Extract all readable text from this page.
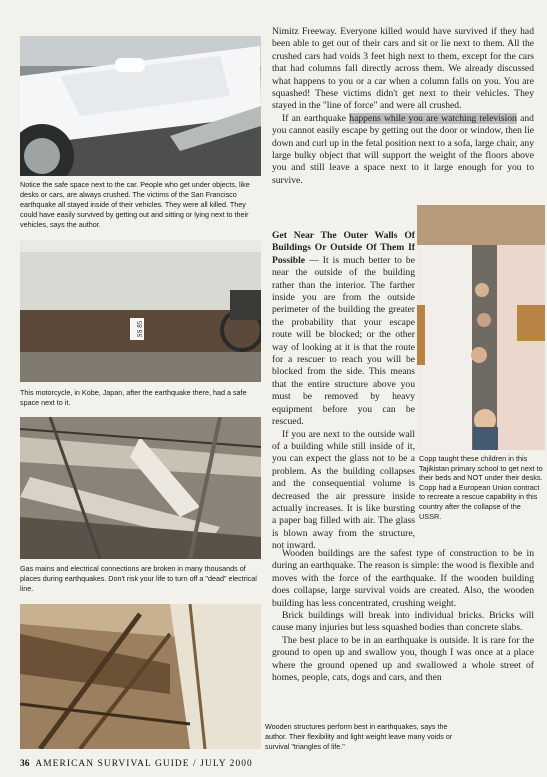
Notice the safe space next to the car. People who get under objects, like desks or cars, are always crushed. The victims of the San Francisco earthquake all stayed inside of their vehicles. They were all killed. They could have easily survived by getting out and sitting or lying next to their vehicles, says the author.

SS 85

This motorcycle, in Kobe, Japan, after the earthquake there, had a safe space next to it.

Gas mains and electrical connections are broken in many thousands of places during earthquakes. Don't risk your life to turn off a "dead" electrical line.

Nimitz Freeway. Everyone killed would have survived if they had been able to get out of their cars and sit or lie next to them. All the crushed cars had voids 3 feet high next to them, except for the cars that had columns fall directly across them. We already discussed what happens to you or a car when a column falls on you. You are squashed! These victims didn't get next to their vehicles. They stayed in the "line of force" and were all crushed.

If an earthquake happens while you are watching television and you cannot easily escape by getting out the door or window, then lie down and curl up in the fetal position next to a sofa, large chair, any large bulky object that will support the weight of the floors above you and still leave a space next to it large enough for you to survive.

Get Near The Outer Walls Of Buildings Or Outside Of Them If Possible — It is much better to be near the outside of the building rather than the interior. The farther inside you are from the outside perimeter of the building the greater the probability that your escape route will be blocked; or the other way of looking at it is that the route for a rescuer to reach you will be blocked from the side. This means that the entire structure above you must be removed by heavy equipment before you can be rescued.

If you are next to the outside wall of a building while still inside of it, you can expect the glass not to be a problem. As the building collapses and the consequential volume is decreased the air pressure inside actually increases. It is like bursting a paper bag filled with air. The glass is blown away from the structure, not inward.

Copp taught these children in this Tajikistan primary school to get next to their beds and NOT under their desks. Copp had a European Union contract to recreate a rescue capability in this country after the collapse of the USSR.

Wooden buildings are the safest type of construction to be in during an earthquake. The reason is simple: the wood is flexible and moves with the force of the earthquake. If the wooden building does collapse, large survival voids are created. Also, the wooden building has less concentrated, crushing weight.

Brick buildings will break into individual bricks. Bricks will cause many injuries but less squashed bodies than concrete slabs.

The best place to be in an earthquake is outside. It is rare for the ground to open up and swallow you, though I was once at a place where the ground opened up and swallowed a whole street of homes, people, cats, dogs and cars, and then

Wooden structures perform best in earthquakes, says the author. Their flexibility and light weight leave many voids or survival "triangles of life."

36 AMERICAN SURVIVAL GUIDE / JULY 2000
